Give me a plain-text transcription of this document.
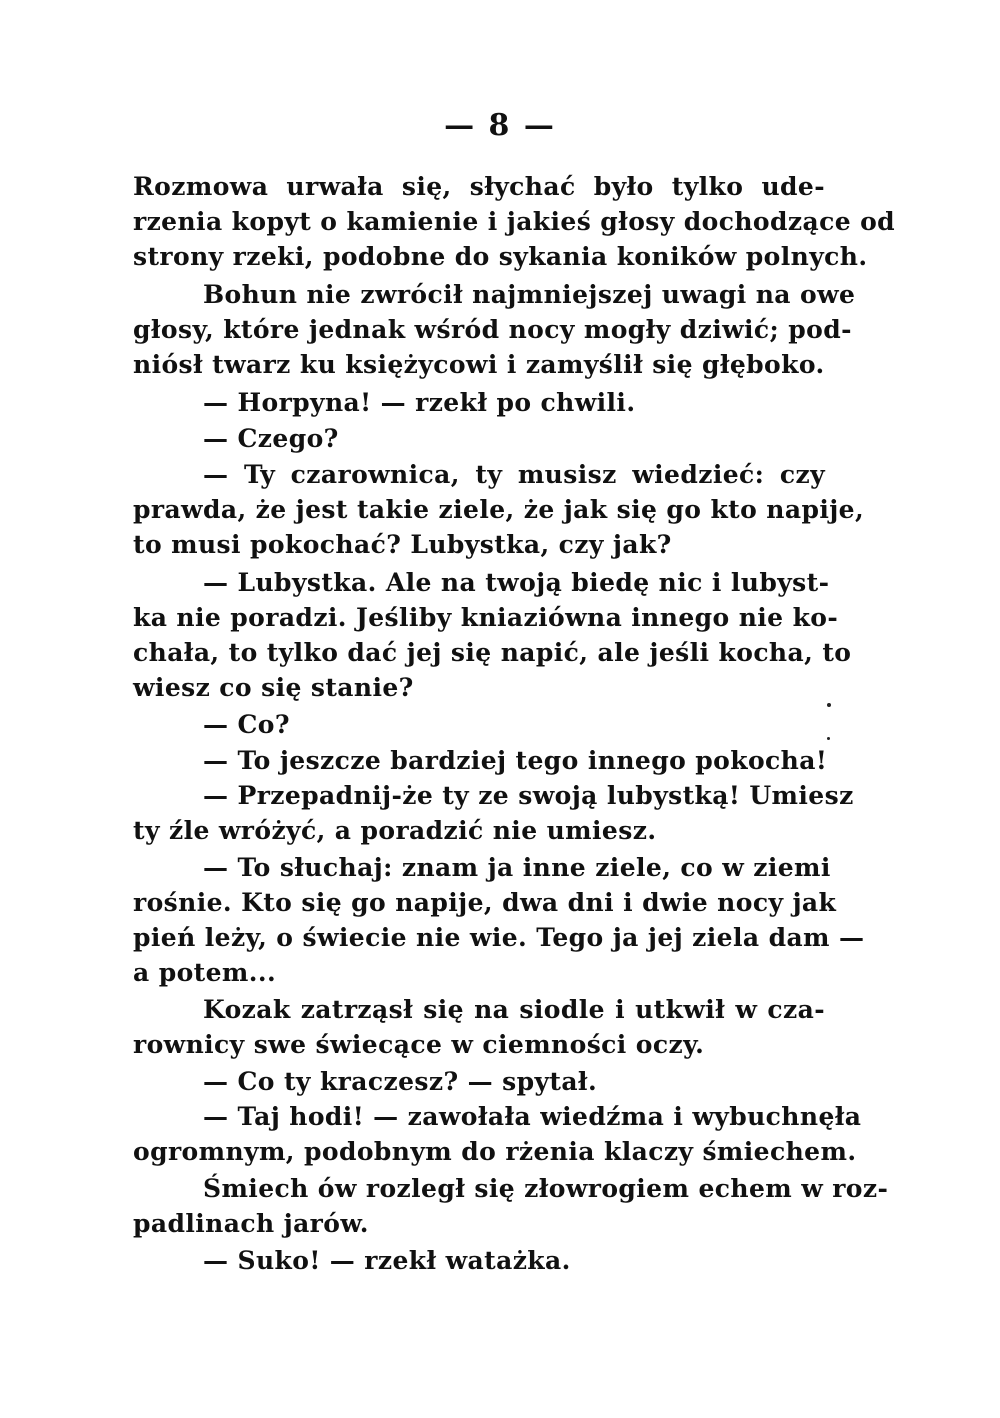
— 8 —
Rozmowa urwała się, słychać było tylko ude-
rzenia kopyt o kamienie i jakieś głosy dochodzące od
strony rzeki, podobne do sykania koników polnych.
Bohun nie zwrócił najmniejszej uwagi na owe
głosy, które jednak wśród nocy mogły dziwić; pod-
niósł twarz ku księżycowi i zamyślił się głęboko.
— Horpyna! — rzekł po chwili.
— Czego?
— Ty czarownica, ty musisz wiedzieć: czy
prawda, że jest takie ziele, że jak się go kto napije,
to musi pokochać? Lubystka, czy jak?
— Lubystka. Ale na twoją biedę nic i lubyst-
ka nie poradzi. Jeśliby kniaziówna innego nie ko-
chała, to tylko dać jej się napić, ale jeśli kocha, to
wiesz co się stanie?
— Co?
— To jeszcze bardziej tego innego pokocha!
— Przepadnij-że ty ze swoją lubystką! Umiesz
ty źle wróżyć, a poradzić nie umiesz.
— To słuchaj: znam ja inne ziele, co w ziemi
rośnie. Kto się go napije, dwa dni i dwie nocy jak
pień leży, o świecie nie wie. Tego ja jej ziela dam —
a potem...
Kozak zatrząsł się na siodle i utkwił w cza-
rownicy swe świecące w ciemności oczy.
— Co ty kraczesz? — spytał.
— Taj hodi! — zawołała wiedźma i wybuchnęła
ogromnym, podobnym do rżenia klaczy śmiechem.
Śmiech ów rozległ się złowrogiem echem w roz-
padlinach jarów.
— Suko! — rzekł watażka.
